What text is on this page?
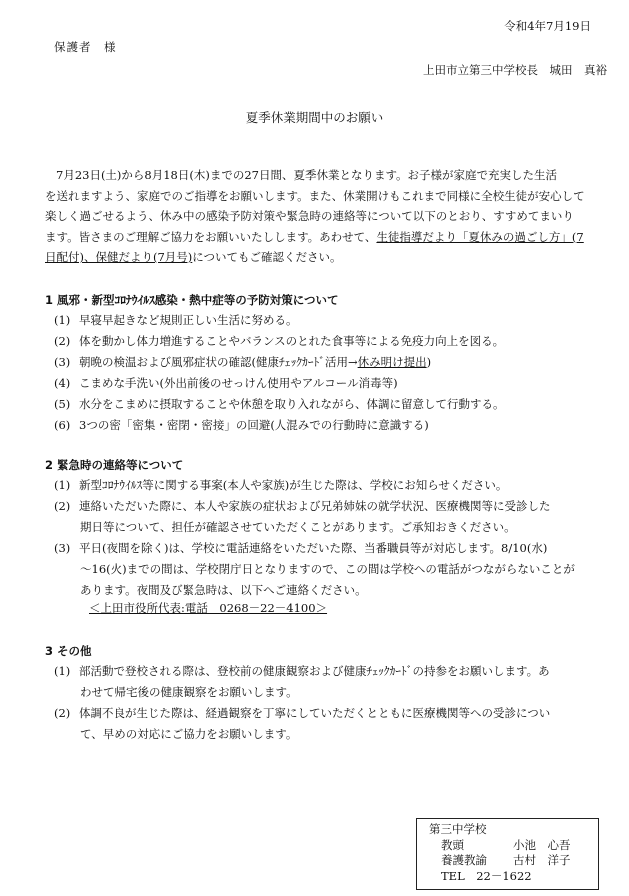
令和4年7月19日
保護者　様
上田市立第三中学校長　城田　真裕
夏季休業期間中のお願い
7月23日(土)から8月18日(木)までの27日間、夏季休業となります。お子様が家庭で充実した生活
を送れますよう、家庭でのご指導をお願いします。また、休業開けもこれまで同様に全校生徒が安心して
楽しく過ごせるよう、休み中の感染予防対策や緊急時の連絡等について以下のとおり、すすめてまいり
ます。皆さまのご理解ご協力をお願いいたしします。あわせて、生徒指導だより「夏休みの過ごし方」(7
日配付)、保健だより(7月号)についてもご確認ください。
1 風邪・新型ｺﾛﾅｳｲﾙｽ感染・熱中症等の予防対策について
(1) 早寝早起きなど規則正しい生活に努める。
(2) 体を動かし体力増進することやバランスのとれた食事等による免疫力向上を図る。
(3) 朝晩の検温および風邪症状の確認(健康ﾁｪｯｸｶｰﾄﾞ活用→休み明け提出)
(4) こまめな手洗い(外出前後のせっけん使用やアルコール消毒等)
(5) 水分をこまめに摂取することや休憩を取り入れながら、体調に留意して行動する。
(6) 3つの密「密集・密閉・密接」の回避(人混みでの行動時に意識する)
2 緊急時の連絡等について
(1) 新型ｺﾛﾅｳｲﾙｽ等に関する事案(本人や家族)が生じた際は、学校にお知らせください。
(2) 連絡いただいた際に、本人や家族の症状および兄弟姉妹の就学状況、医療機関等に受診した
期日等について、担任が確認させていただくことがあります。ご承知おきください。
(3) 平日(夜間を除く)は、学校に電話連絡をいただいた際、当番職員等が対応します。8/10(水)
～16(火)までの間は、学校閉庁日となりますので、この間は学校への電話がつながらないことが
あります。夜間及び緊急時は、以下へご連絡ください。
＜上田市役所代表:電話　0268－22－4100＞
3 その他
(1) 部活動で登校される際は、登校前の健康観察および健康ﾁｪｯｸｶｰﾄﾞの持参をお願いします。あ
わせて帰宅後の健康観察をお願いします。
(2) 体調不良が生じた際は、経過観察を丁寧にしていただくとともに医療機関等への受診につい
て、早めの対応にご協力をお願いします。
第三中学校
教頭	小池　心吾
養護教諭 古村　洋子
TEL　22－1622
